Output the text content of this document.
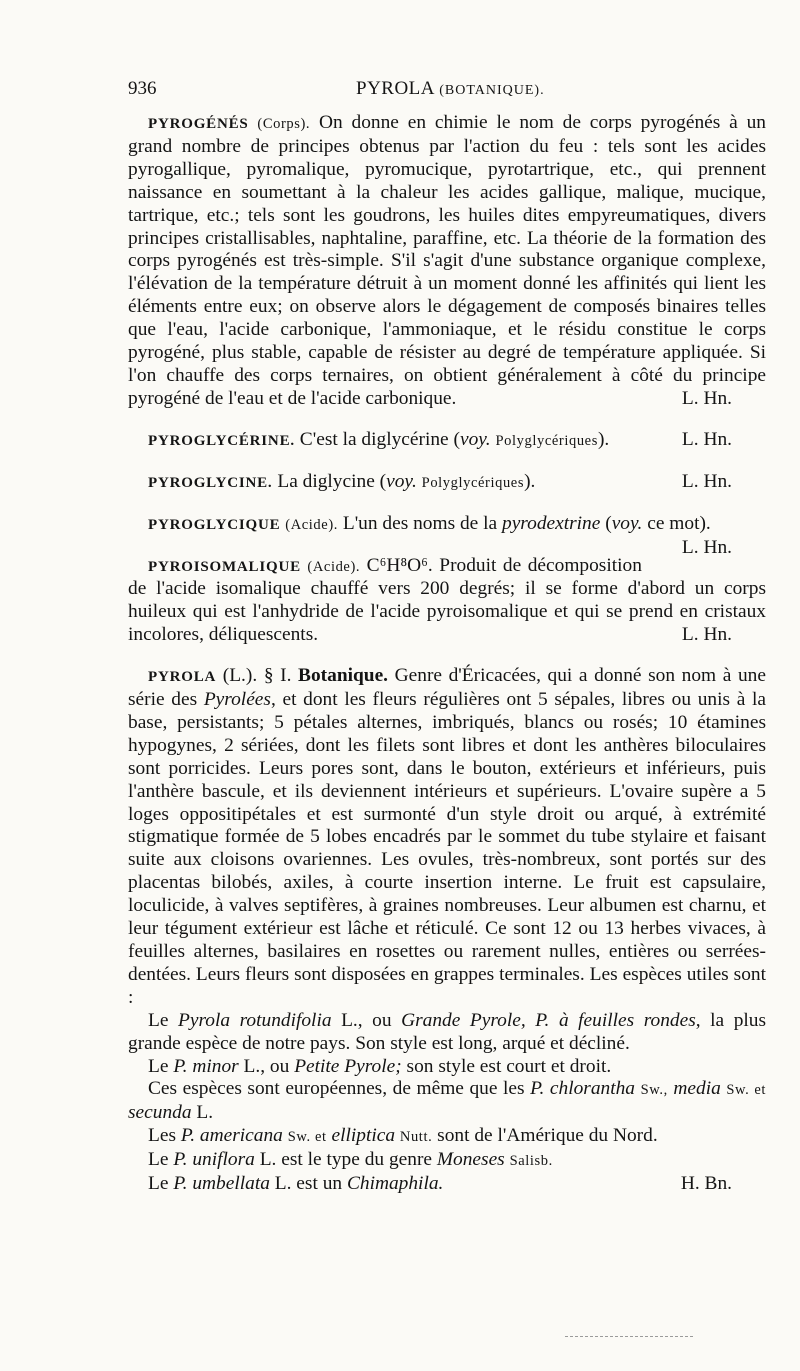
936	PYROLA (BOTANIQUE).

PYROGÉNÉS (Corps). On donne en chimie le nom de corps pyrogénés à un grand nombre de principes obtenus par l'action du feu : tels sont les acides pyrogallique, pyromalique, pyromucique, pyrotartrique, etc., qui prennent naissance en soumettant à la chaleur les acides gallique, malique, mucique, tartrique, etc.; tels sont les goudrons, les huiles dites empyreumatiques, divers principes cristallisables, naphtaline, paraffine, etc. La théorie de la formation des corps pyrogénés est très-simple. S'il s'agit d'une substance organique complexe, l'élévation de la température détruit à un moment donné les affinités qui lient les éléments entre eux; on observe alors le dégagement de composés binaires telles que l'eau, l'acide carbonique, l'ammoniaque, et le résidu constitue le corps pyrogéné, plus stable, capable de résister au degré de température appliquée. Si l'on chauffe des corps ternaires, on obtient généralement à côté du principe pyrogéné de l'eau et de l'acide carbonique.	L. Hn.

PYROGLYCÉRINE. C'est la diglycérine (voy. Polyglycériques).	L. Hn.

PYROGLYCINE. La diglycine (voy. Polyglycériques).	L. Hn.

PYROGLYCIQUE (Acide). L'un des noms de la pyrodextrine (voy. ce mot).
L. Hn.

PYROISOMALIQUE (Acide). C⁶H⁸O⁶. Produit de décomposition de l'acide isomalique chauffé vers 200 degrés; il se forme d'abord un corps huileux qui est l'anhydride de l'acide pyroisomalique et qui se prend en cristaux incolores, déliquescents.	L. Hn.

PYROLA (L.). § I. Botanique. Genre d'Éricacées, qui a donné son nom à une série des Pyrolées, et dont les fleurs régulières ont 5 sépales, libres ou unis à la base, persistants; 5 pétales alternes, imbriqués, blancs ou rosés; 10 étamines hypogynes, 2 sériées, dont les filets sont libres et dont les anthères biloculaires sont porricides. Leurs pores sont, dans le bouton, extérieurs et inférieurs, puis l'anthère bascule, et ils deviennent intérieurs et supérieurs. L'ovaire supère a 5 loges oppositipétales et est surmonté d'un style droit ou arqué, à extrémité stigmatique formée de 5 lobes encadrés par le sommet du tube stylaire et faisant suite aux cloisons ovariennes. Les ovules, très-nombreux, sont portés sur des placentas bilobés, axiles, à courte insertion interne. Le fruit est capsulaire, loculicide, à valves septifères, à graines nombreuses. Leur albumen est charnu, et leur tégument extérieur est lâche et réticulé. Ce sont 12 ou 13 herbes vivaces, à feuilles alternes, basilaires en rosettes ou rarement nulles, entières ou serrées-dentées. Leurs fleurs sont disposées en grappes terminales. Les espèces utiles sont :

Le Pyrola rotundifolia L., ou Grande Pyrole, P. à feuilles rondes, la plus grande espèce de notre pays. Son style est long, arqué et décliné.

Le P. minor L., ou Petite Pyrole; son style est court et droit.

Ces espèces sont européennes, de même que les P. chlorantha Sw., media Sw. et secunda L.

Les P. americana Sw. et elliptica Nutt. sont de l'Amérique du Nord.

Le P. uniflora L. est le type du genre Moneses Salisb.

Le P. umbellata L. est un Chimaphila.	H. Bn.
